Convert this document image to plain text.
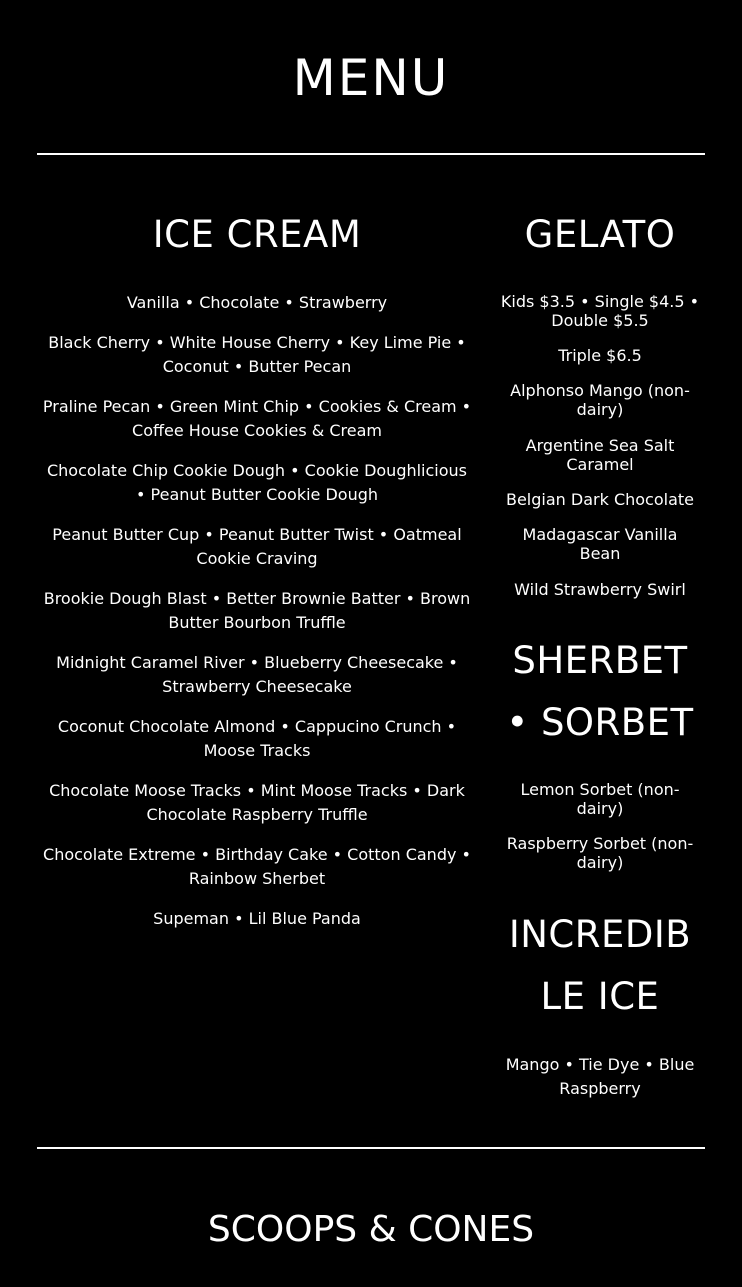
MENU
ICE CREAM
Vanilla • Chocolate • Strawberry
Black Cherry • White House Cherry • Key Lime Pie • Coconut • Butter Pecan
Praline Pecan • Green Mint Chip • Cookies & Cream • Coffee House Cookies & Cream
Chocolate Chip Cookie Dough • Cookie Doughlicious • Peanut Butter Cookie Dough
Peanut Butter Cup • Peanut Butter Twist • Oatmeal Cookie Craving
Brookie Dough Blast • Better Brownie Batter • Brown Butter Bourbon Truffle
Midnight Caramel River • Blueberry Cheesecake • Strawberry Cheesecake
Coconut Chocolate Almond • Cappucino Crunch • Moose Tracks
Chocolate Moose Tracks • Mint Moose Tracks • Dark Chocolate Raspberry Truffle
Chocolate Extreme • Birthday Cake • Cotton Candy • Rainbow Sherbet
Supeman • Lil Blue Panda
GELATO
Kids $3.5 • Single $4.5 • Double $5.5
Triple $6.5
Alphonso Mango (non-dairy)
Argentine Sea Salt Caramel
Belgian Dark Chocolate
Madagascar Vanilla Bean
Wild Strawberry Swirl
SHERBET • SORBET
Lemon Sorbet (non-dairy)
Raspberry Sorbet (non-dairy)
INCREDIBLE ICE
Mango • Tie Dye • Blue Raspberry
SCOOPS & CONES
